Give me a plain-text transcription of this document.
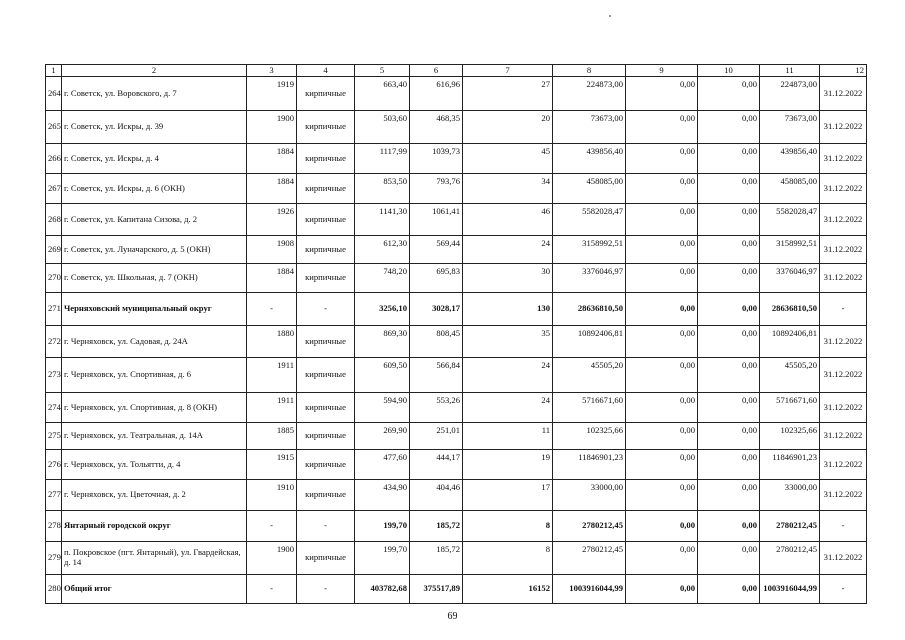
1	2	3	4	5	6	7	8	9	10	11	12
264	г. Советск, ул. Воровского, д. 7	1919	кирпичные	663,40	616,96	27	224873,00	0,00	0,00	224873,00	31.12.2022
265	г. Советск, ул. Искры, д. 39	1900	кирпичные	503,60	468,35	20	73673,00	0,00	0,00	73673,00	31.12.2022
266	г. Советск, ул. Искры, д. 4	1884	кирпичные	1117,99	1039,73	45	439856,40	0,00	0,00	439856,40	31.12.2022
267	г. Советск, ул. Искры, д. 6 (ОКН)	1884	кирпичные	853,50	793,76	34	458085,00	0,00	0,00	458085,00	31.12.2022
268	г. Советск, ул. Капитана Сизова, д. 2	1926	кирпичные	1141,30	1061,41	46	5582028,47	0,00	0,00	5582028,47	31.12.2022
269	г. Советск, ул. Луначарского, д. 5 (ОКН)	1908	кирпичные	612,30	569,44	24	3158992,51	0,00	0,00	3158992,51	31.12.2022
270	г. Советск, ул. Школьная, д. 7 (ОКН)	1884	кирпичные	748,20	695,83	30	3376046,97	0,00	0,00	3376046,97	31.12.2022
271	Черняховский муниципальный округ	-	-	3256,10	3028,17	130	28636810,50	0,00	0,00	28636810,50	-
272	г. Черняховск, ул. Садовая, д. 24А	1880	кирпичные	869,30	808,45	35	10892406,81	0,00	0,00	10892406,81	31.12.2022
273	г. Черняховск, ул. Спортивная, д. 6	1911	кирпичные	609,50	566,84	24	45505,20	0,00	0,00	45505,20	31.12.2022
274	г. Черняховск, ул. Спортивная, д. 8 (ОКН)	1911	кирпичные	594,90	553,26	24	5716671,60	0,00	0,00	5716671,60	31.12.2022
275	г. Черняховск, ул. Театральная, д. 14А	1885	кирпичные	269,90	251,01	11	102325,66	0,00	0,00	102325,66	31.12.2022
276	г. Черняховск, ул. Тольятти, д. 4	1915	кирпичные	477,60	444,17	19	11846901,23	0,00	0,00	11846901,23	31.12.2022
277	г. Черняховск, ул. Цветочная, д. 2	1910	кирпичные	434,90	404,46	17	33000,00	0,00	0,00	33000,00	31.12.2022
278	Янтарный городской округ	-	-	199,70	185,72	8	2780212,45	0,00	0,00	2780212,45	-
279	п. Покровское (пгт. Янтарный), ул. Гвардейская, д. 14	1900	кирпичные	199,70	185,72	8	2780212,45	0,00	0,00	2780212,45	31.12.2022
280	Общий итог	-	-	403782,68	375517,89	16152	1003916044,99	0,00	0,00	1003916044,99	-
69
